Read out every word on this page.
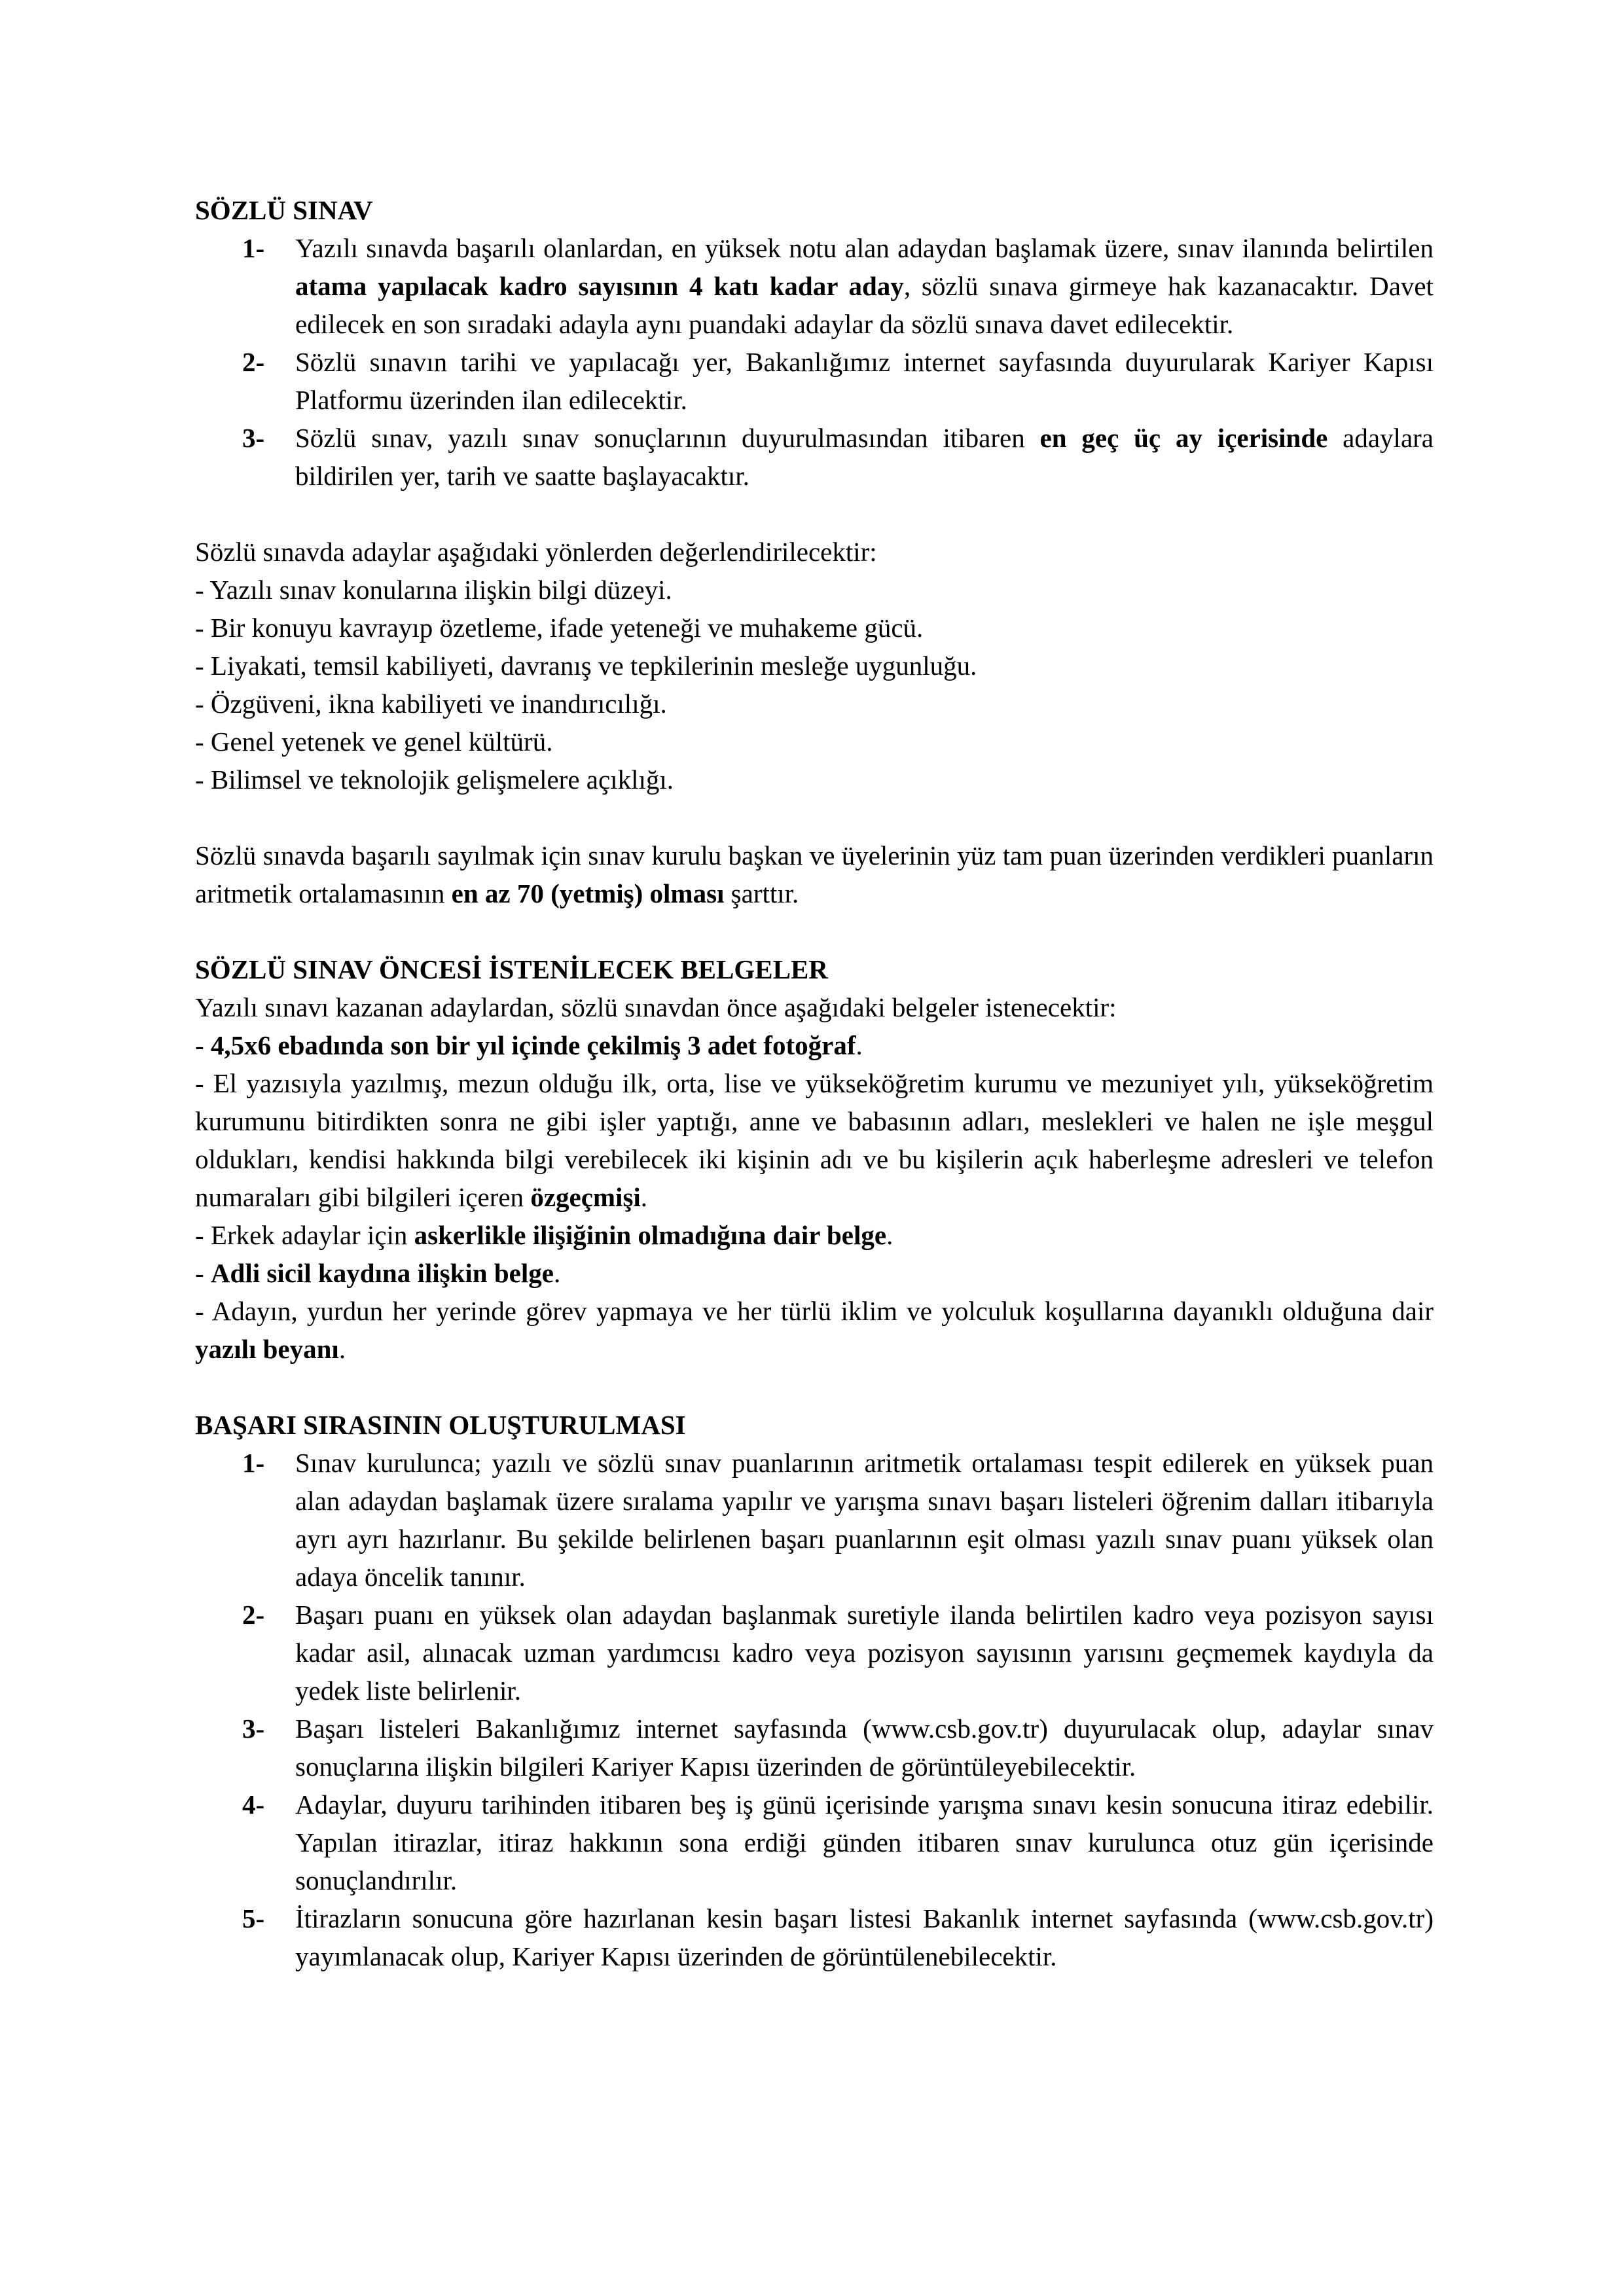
SÖZLÜ SINAV

1- Yazılı sınavda başarılı olanlardan, en yüksek notu alan adaydan başlamak üzere, sınav ilanında belirtilen atama yapılacak kadro sayısının 4 katı kadar aday, sözlü sınava girmeye hak kazanacaktır. Davet edilecek en son sıradaki adayla aynı puandaki adaylar da sözlü sınava davet edilecektir.
2- Sözlü sınavın tarihi ve yapılacağı yer, Bakanlığımız internet sayfasında duyurularak Kariyer Kapısı Platformu üzerinden ilan edilecektir.
3- Sözlü sınav, yazılı sınav sonuçlarının duyurulmasından itibaren en geç üç ay içerisinde adaylara bildirilen yer, tarih ve saatte başlayacaktır.

Sözlü sınavda adaylar aşağıdaki yönlerden değerlendirilecektir:

- Yazılı sınav konularına ilişkin bilgi düzeyi.

- Bir konuyu kavrayıp özetleme, ifade yeteneği ve muhakeme gücü.

- Liyakati, temsil kabiliyeti, davranış ve tepkilerinin mesleğe uygunluğu.

- Özgüveni, ikna kabiliyeti ve inandırıcılığı.

- Genel yetenek ve genel kültürü.

- Bilimsel ve teknolojik gelişmelere açıklığı.

Sözlü sınavda başarılı sayılmak için sınav kurulu başkan ve üyelerinin yüz tam puan üzerinden verdikleri puanların aritmetik ortalamasının en az 70 (yetmiş) olması şarttır.

SÖZLÜ SINAV ÖNCESİ İSTENİLECEK BELGELER

Yazılı sınavı kazanan adaylardan, sözlü sınavdan önce aşağıdaki belgeler istenecektir:

- 4,5x6 ebadında son bir yıl içinde çekilmiş 3 adet fotoğraf.

- El yazısıyla yazılmış, mezun olduğu ilk, orta, lise ve yükseköğretim kurumu ve mezuniyet yılı, yükseköğretim kurumunu bitirdikten sonra ne gibi işler yaptığı, anne ve babasının adları, meslekleri ve halen ne işle meşgul oldukları, kendisi hakkında bilgi verebilecek iki kişinin adı ve bu kişilerin açık haberleşme adresleri ve telefon numaraları gibi bilgileri içeren özgeçmişi.

- Erkek adaylar için askerlikle ilişiğinin olmadığına dair belge.

- Adli sicil kaydına ilişkin belge.

- Adayın, yurdun her yerinde görev yapmaya ve her türlü iklim ve yolculuk koşullarına dayanıklı olduğuna dair yazılı beyanı.

BAŞARI SIRASININ OLUŞTURULMASI

1- Sınav kurulunca; yazılı ve sözlü sınav puanlarının aritmetik ortalaması tespit edilerek en yüksek puan alan adaydan başlamak üzere sıralama yapılır ve yarışma sınavı başarı listeleri öğrenim dalları itibarıyla ayrı ayrı hazırlanır. Bu şekilde belirlenen başarı puanlarının eşit olması yazılı sınav puanı yüksek olan adaya öncelik tanınır.
2- Başarı puanı en yüksek olan adaydan başlanmak suretiyle ilanda belirtilen kadro veya pozisyon sayısı kadar asil, alınacak uzman yardımcısı kadro veya pozisyon sayısının yarısını geçmemek kaydıyla da yedek liste belirlenir.
3- Başarı listeleri Bakanlığımız internet sayfasında (www.csb.gov.tr) duyurulacak olup, adaylar sınav sonuçlarına ilişkin bilgileri Kariyer Kapısı üzerinden de görüntüleyebilecektir.
4- Adaylar, duyuru tarihinden itibaren beş iş günü içerisinde yarışma sınavı kesin sonucuna itiraz edebilir. Yapılan itirazlar, itiraz hakkının sona erdiği günden itibaren sınav kurulunca otuz gün içerisinde sonuçlandırılır.
5- İtirazların sonucuna göre hazırlanan kesin başarı listesi Bakanlık internet sayfasında (www.csb.gov.tr) yayımlanacak olup, Kariyer Kapısı üzerinden de görüntülenebilecektir.
